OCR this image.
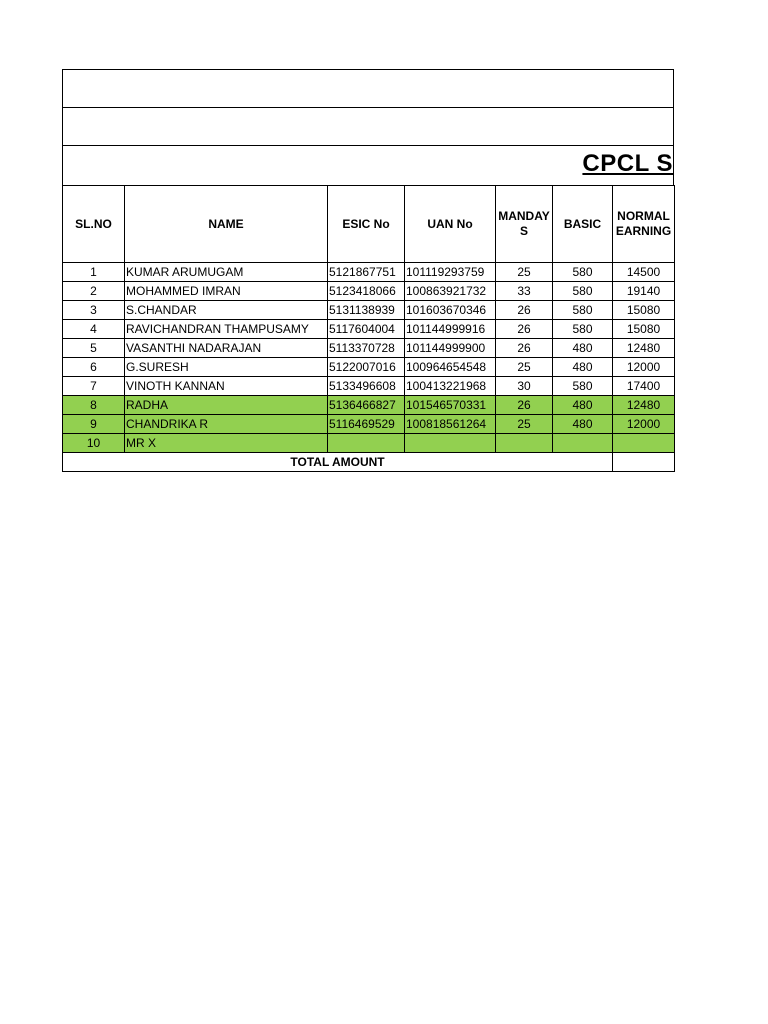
CPCL S
SL.NO	NAME	ESIC No	UAN No	MANDAY S	BASIC	NORMAL EARNING
1	KUMAR ARUMUGAM	5121867751	101119293759	25	580	14500
2	MOHAMMED IMRAN	5123418066	100863921732	33	580	19140
3	S.CHANDAR	5131138939	101603670346	26	580	15080
4	RAVICHANDRAN THAMPUSAMY	5117604004	101144999916	26	580	15080
5	VASANTHI NADARAJAN	5113370728	101144999900	26	480	12480
6	G.SURESH	5122007016	100964654548	25	480	12000
7	VINOTH KANNAN	5133496608	100413221968	30	580	17400
8	RADHA	5136466827	101546570331	26	480	12480
9	CHANDRIKA R	5116469529	100818561264	25	480	12000
10	MR X					
TOTAL AMOUNT						
